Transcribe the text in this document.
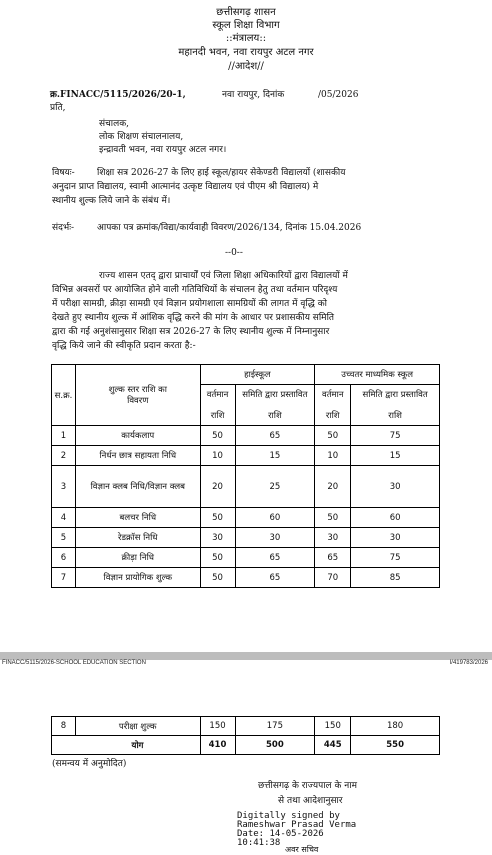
छत्तीसगढ़ शासन
स्कूल शिक्षा विभाग
::मंत्रालय::
महानदी भवन, नवा रायपुर अटल नगर
//आदेश//
क्र.FINACC/5115/2026/20-1,	नवा रायपुर, दिनांक	/05/2026
प्रति,
संचालक,
लोक शिक्षण संचालनालय,
इन्द्रावती भवन, नवा रायपुर अटल नगर।
विषयः- शिक्षा सत्र 2026-27 के लिए हाई स्कूल/हायर सेकेण्डरी विद्यालयों (शासकीय
अनुदान प्राप्त विद्यालय, स्वामी आत्मानंद उत्कृष्ट विद्यालय एवं पीएम श्री विद्यालय) मे
स्थानीय शुल्क लिये जाने के संबंध में।
संदर्भः-	आपका पत्र क्रमांक/विद्या/कार्यवाही विवरण/2026/134, दिनांक 15.04.2026
--0--
राज्य शासन एतद् द्वारा प्राचार्यों एवं जिला शिक्षा अधिकारियों द्वारा विद्यालयों में
विभिन्न अवसरों पर आयोजित होने वाली गतिविधियों के संचालन हेतु तथा वर्तमान परिदृश्य
में परीक्षा सामग्री, क्रीड़ा सामग्री एवं विज्ञान प्रयोगशाला सामग्रियों की लागत में वृद्धि को
देखते हुए स्थानीय शुल्क में आंशिक वृद्धि करने की मांग के आधार पर प्रशासकीय समिति
द्वारा की गई अनुशंसानुसार शिक्षा सत्र 2026-27 के लिए स्थानीय शुल्क में निम्नानुसार
वृद्धि किये जाने की स्वीकृति प्रदान करता है:-
स.क्र.	शुल्क स्तर राशि का
विवरण	हाईस्कूल		उच्चतर माध्यमिक स्कूल	
		वर्तमान

राशि	समिति द्वारा प्रस्तावित

राशि	वर्तमान

राशि	समिति द्वारा प्रस्तावित

राशि
1	कार्यकलाप	50	65	50	75
2	निर्धन छात्र सहायता निधि	10	15	10	15
3	विज्ञान क्लब निधि/विज्ञान क्लब	20	25	20	30
4	बलचर निधि	50	60	50	60
5	रेडक्रॉस निधि	30	30	30	30
6	क्रीड़ा निधि	50	65	65	75
7	विज्ञान प्रायोगिक शुल्क	50	65	70	85
FINACC/5115/2026-SCHOOL EDUCATION SECTION	I/419783/2026
8	परीक्षा शुल्क	150	175	150	180
	योग	410	500	445	550
(समन्वय में अनुमोदित)
छत्तीसगढ़ के राज्यपाल के नाम
से तथा आदेशानुसार
Digitally signed by
Rameshwar Prasad Verma
Date: 14-05-2026
10:41:38
अवर सचिव
